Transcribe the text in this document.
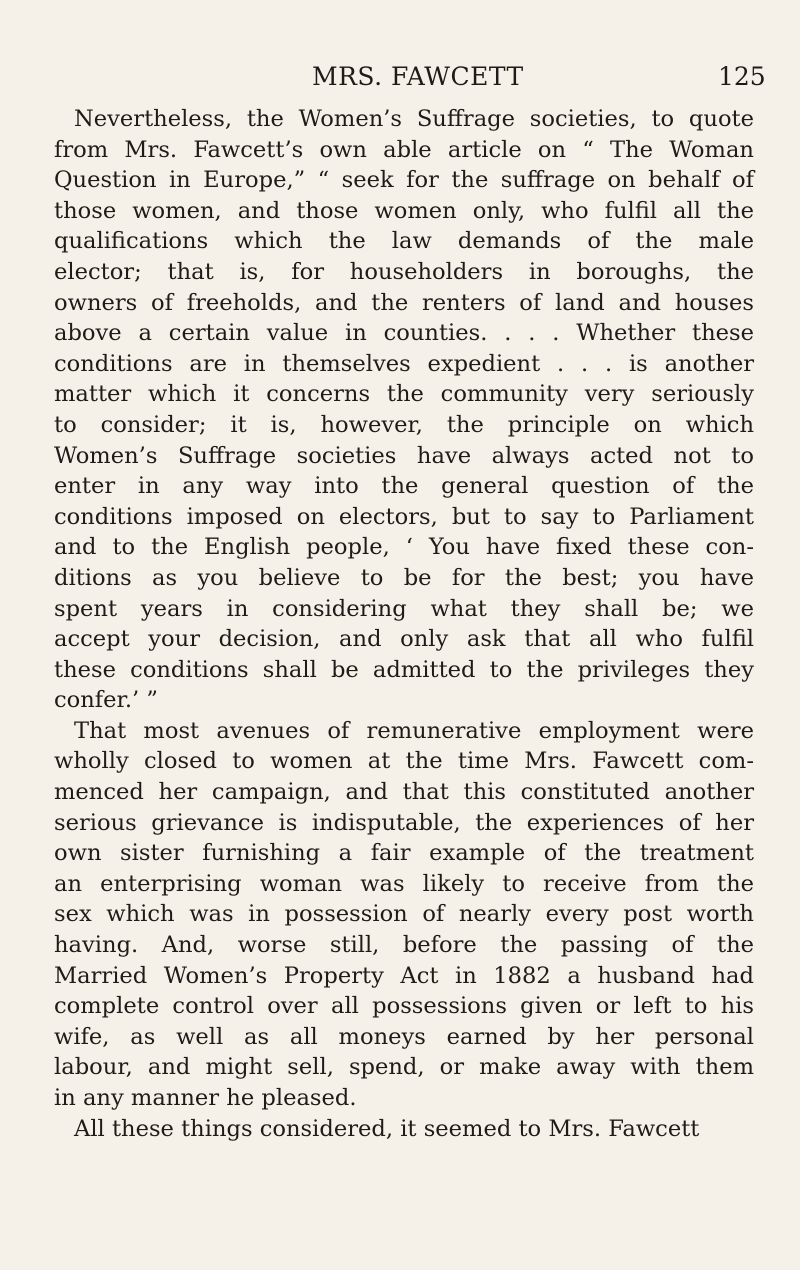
MRS. FAWCETT	125
Nevertheless, the Women’s Suffrage societies, to quote
from Mrs. Fawcett’s own able article on “ The Woman
Question in Europe,” “ seek for the suffrage on behalf of
those women, and those women only, who fulfil all the
qualifications which the law demands of the male
elector; that is, for householders in boroughs, the
owners of freeholds, and the renters of land and houses
above a certain value in counties. . . . Whether these
conditions are in themselves expedient . . . is another
matter which it concerns the community very seriously
to consider; it is, however, the principle on which
Women’s Suffrage societies have always acted not to
enter in any way into the general question of the
conditions imposed on electors, but to say to Parliament
and to the English people, ‘ You have fixed these con-
ditions as you believe to be for the best; you have
spent years in considering what they shall be; we
accept your decision, and only ask that all who fulfil
these conditions shall be admitted to the privileges they
confer.’ ”
That most avenues of remunerative employment were
wholly closed to women at the time Mrs. Fawcett com-
menced her campaign, and that this constituted another
serious grievance is indisputable, the experiences of her
own sister furnishing a fair example of the treatment
an enterprising woman was likely to receive from the
sex which was in possession of nearly every post worth
having. And, worse still, before the passing of the
Married Women’s Property Act in 1882 a husband had
complete control over all possessions given or left to his
wife, as well as all moneys earned by her personal
labour, and might sell, spend, or make away with them
in any manner he pleased.
All these things considered, it seemed to Mrs. Fawcett
